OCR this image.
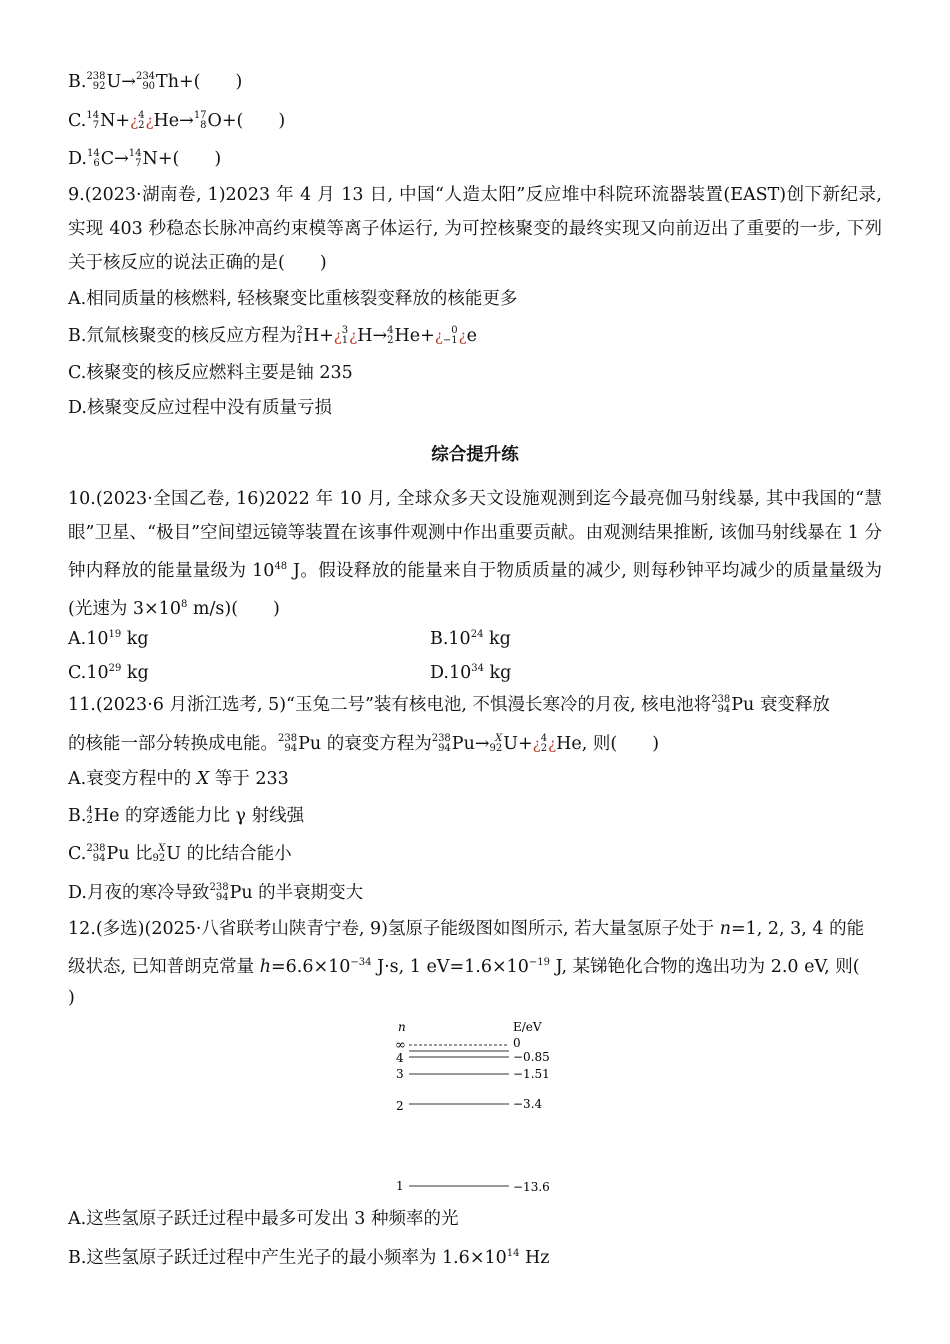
B. 238
92 U→ 234
90 Th+(　　)
C. 14
7 N+¿ 4
2 ¿He→ 17
8 O+(　　)
D. 14
6 C→ 14
7 N+(　　)
9.(2023·湖南卷, 1)2023 年 4 月 13 日, 中国“人造太阳”反应堆中科院环流器装置(EAST)创下新纪录, 实现 403 秒稳态长脉冲高约束模等离子体运行, 为可控核聚变的最终实现又向前迈出了重要的一步, 下列关于核反应的说法正确的是(　　)
A.相同质量的核燃料, 轻核聚变比重核裂变释放的核能更多
B.氘氚核聚变的核反应方程为 2
1 H+¿ 3
1 ¿H→ 4
2 He+¿ 0
−1 ¿e
C.核聚变的核反应燃料主要是铀 235
D.核聚变反应过程中没有质量亏损
综合提升练
10.(2023·全国乙卷, 16)2022 年 10 月, 全球众多天文设施观测到迄今最亮伽马射线暴, 其中我国的“慧眼”卫星、“极目”空间望远镜等装置在该事件观测中作出重要贡献。由观测结果推断, 该伽马射线暴在 1 分钟内释放的能量量级为 $10^{48}$ J。假设释放的能量来自于物质质量的减少, 则每秒钟平均减少的质量量级为(光速为 $3\times 10^8$ m/s)(　　)
$A.10^{19}$ kg	$B.10^{24}$ kg
$C.10^{29}$ kg	$D.10^{34}$ kg
11.(2023·6 月浙江选考, 5)“玉兔二号”装有核电池, 不惧漫长寒冷的月夜, 核电池将 238
94 Pu 衰变释放
的核能一部分转换成电能。 238
94 Pu 的衰变方程为 238
94 Pu→ X
92 U+¿ 4
2 ¿He, 则(　　)
A.衰变方程中的 X 等于 233
B. 4
2 He 的穿透能力比 γ 射线强
C. 238
94 Pu 比 X
92 U 的比结合能小
D.月夜的寒冷导致 238
94 Pu 的半衰期变大
12.(多选)(2025·八省联考山陕青宁卷, 9)氢原子能级图如图所示, 若大量氢原子处于 n=1, 2, 3, 4 的能
级状态, 已知普朗克常量 $h=6.6\times 10^{-34}$ J·s, 1 $eV=1.6\times 10^{-19}$ J, 某锑铯化合物的逸出功为 2.0 eV, 则(
)
n	E/eV
∞	0
4	−0.85
3	−1.51
2	−3.4
1	−13.6
A.这些氢原子跃迁过程中最多可发出 3 种频率的光
B.这些氢原子跃迁过程中产生光子的最小频率为 $1.6\times 10^{14}$ Hz
